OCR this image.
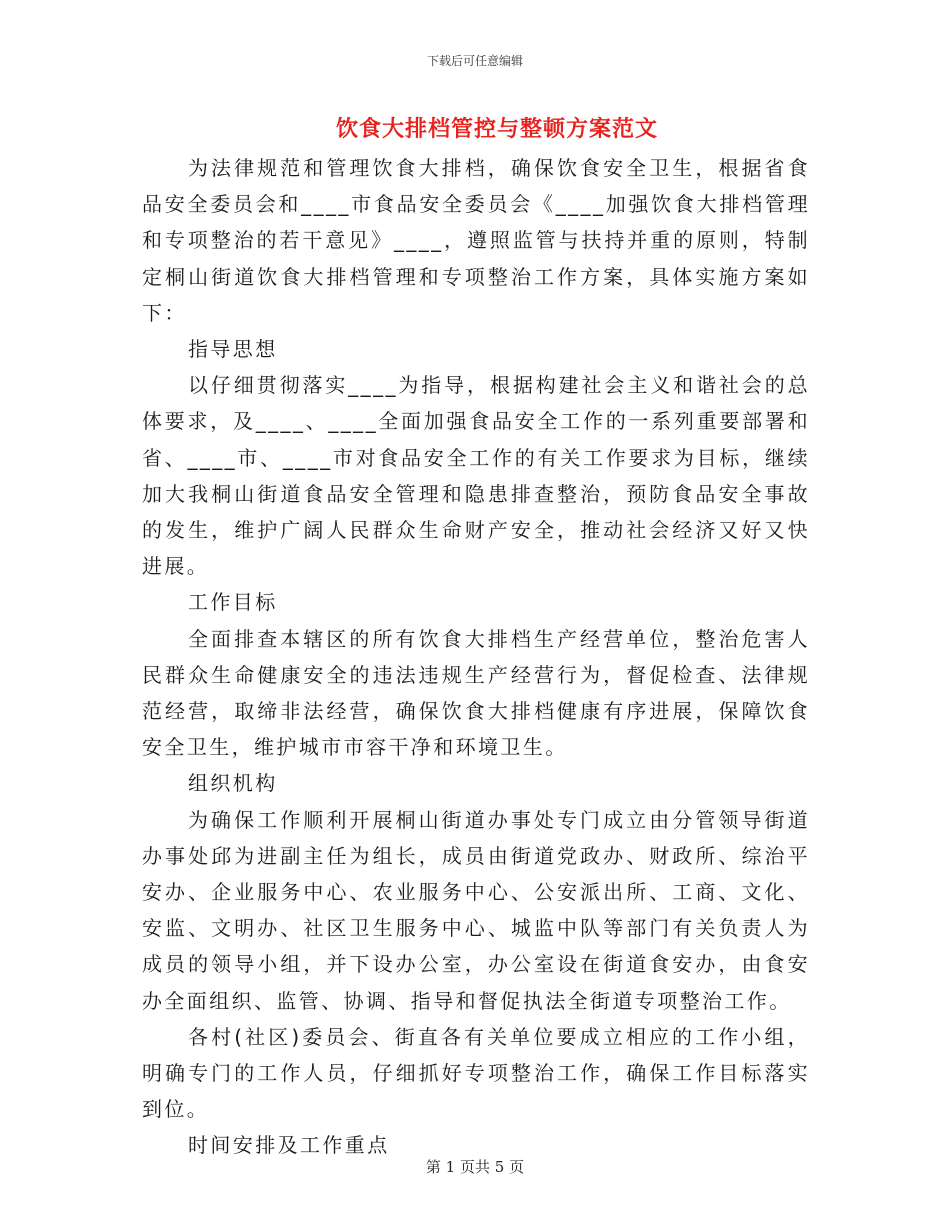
下载后可任意编辑
饮食大排档管控与整顿方案范文

为法律规范和管理饮食大排档，确保饮食安全卫生，根据省食品安全委员会和____市食品安全委员会《____加强饮食大排档管理和专项整治的若干意见》____，遵照监管与扶持并重的原则，特制定桐山街道饮食大排档管理和专项整治工作方案，具体实施方案如下：

指导思想

以仔细贯彻落实____为指导，根据构建社会主义和谐社会的总体要求，及____、____全面加强食品安全工作的一系列重要部署和省、____市、____市对食品安全工作的有关工作要求为目标，继续加大我桐山街道食品安全管理和隐患排查整治，预防食品安全事故的发生，维护广阔人民群众生命财产安全，推动社会经济又好又快进展。

工作目标

全面排查本辖区的所有饮食大排档生产经营单位，整治危害人民群众生命健康安全的违法违规生产经营行为，督促检查、法律规范经营，取缔非法经营，确保饮食大排档健康有序进展，保障饮食安全卫生，维护城市市容干净和环境卫生。

组织机构

为确保工作顺利开展桐山街道办事处专门成立由分管领导街道办事处邱为进副主任为组长，成员由街道党政办、财政所、综治平安办、企业服务中心、农业服务中心、公安派出所、工商、文化、安监、文明办、社区卫生服务中心、城监中队等部门有关负责人为成员的领导小组，并下设办公室，办公室设在街道食安办，由食安办全面组织、监管、协调、指导和督促执法全街道专项整治工作。

各村(社区)委员会、街直各有关单位要成立相应的工作小组，明确专门的工作人员，仔细抓好专项整治工作，确保工作目标落实到位。

时间安排及工作重点

第 1 页共 5 页
